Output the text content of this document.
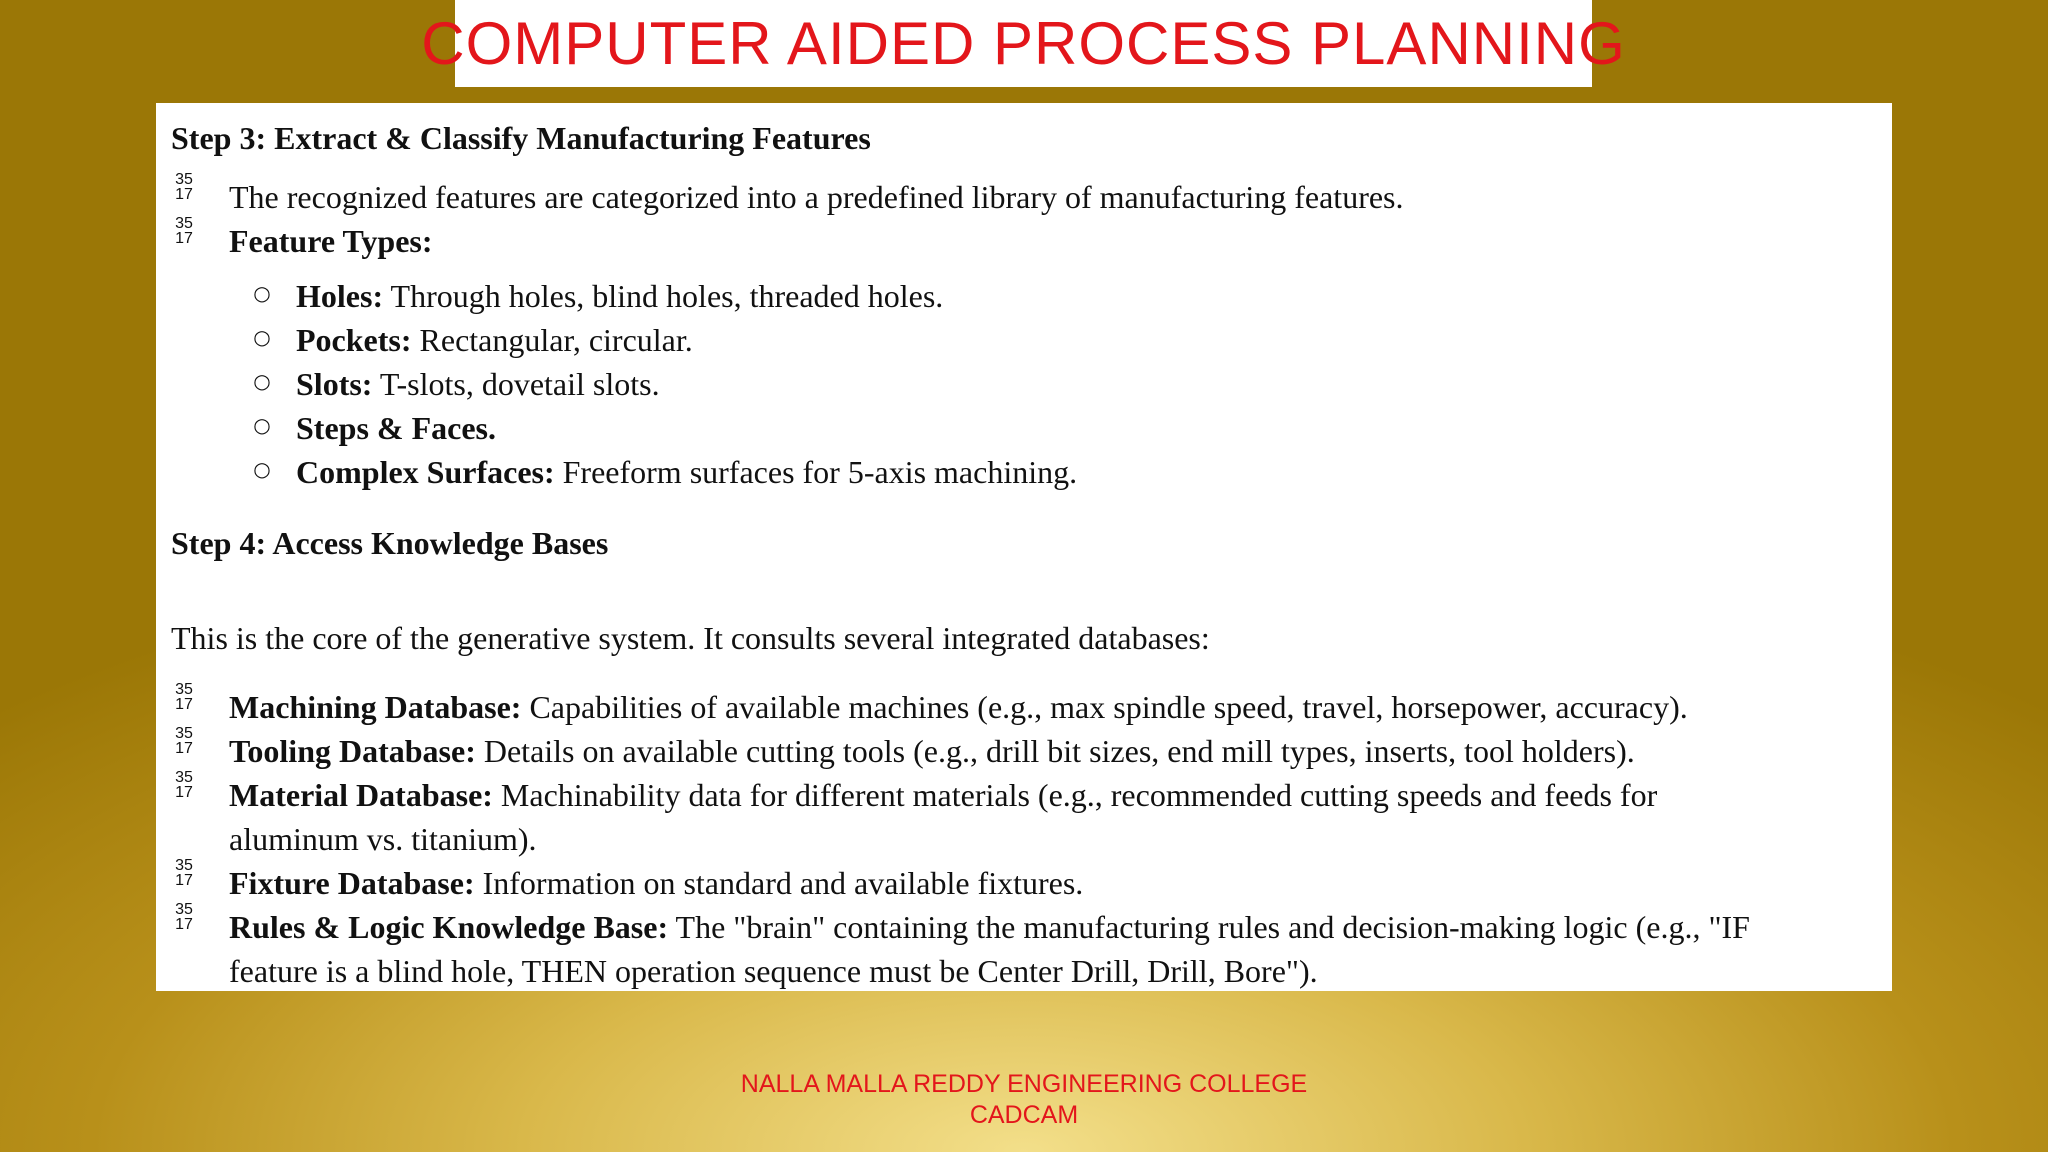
COMPUTER AIDED PROCESS PLANNING
Step 3: Extract & Classify Manufacturing Features
35
17 The recognized features are categorized into a predefined library of manufacturing features.
35
17 Feature Types:
○ Holes: Through holes, blind holes, threaded holes.
○ Pockets: Rectangular, circular.
○ Slots: T-slots, dovetail slots.
○ Steps & Faces.
○ Complex Surfaces: Freeform surfaces for 5-axis machining.
Step 4: Access Knowledge Bases
This is the core of the generative system. It consults several integrated databases:
35
17 Machining Database: Capabilities of available machines (e.g., max spindle speed, travel, horsepower, accuracy).
35
17 Tooling Database: Details on available cutting tools (e.g., drill bit sizes, end mill types, inserts, tool holders).
35
17 Material Database: Machinability data for different materials (e.g., recommended cutting speeds and feeds for
aluminum vs. titanium).
35
17 Fixture Database: Information on standard and available fixtures.
35
17 Rules & Logic Knowledge Base: The "brain" containing the manufacturing rules and decision-making logic (e.g., "IF
feature is a blind hole, THEN operation sequence must be Center Drill, Drill, Bore").
NALLA MALLA REDDY ENGINEERING COLLEGE
CADCAM
